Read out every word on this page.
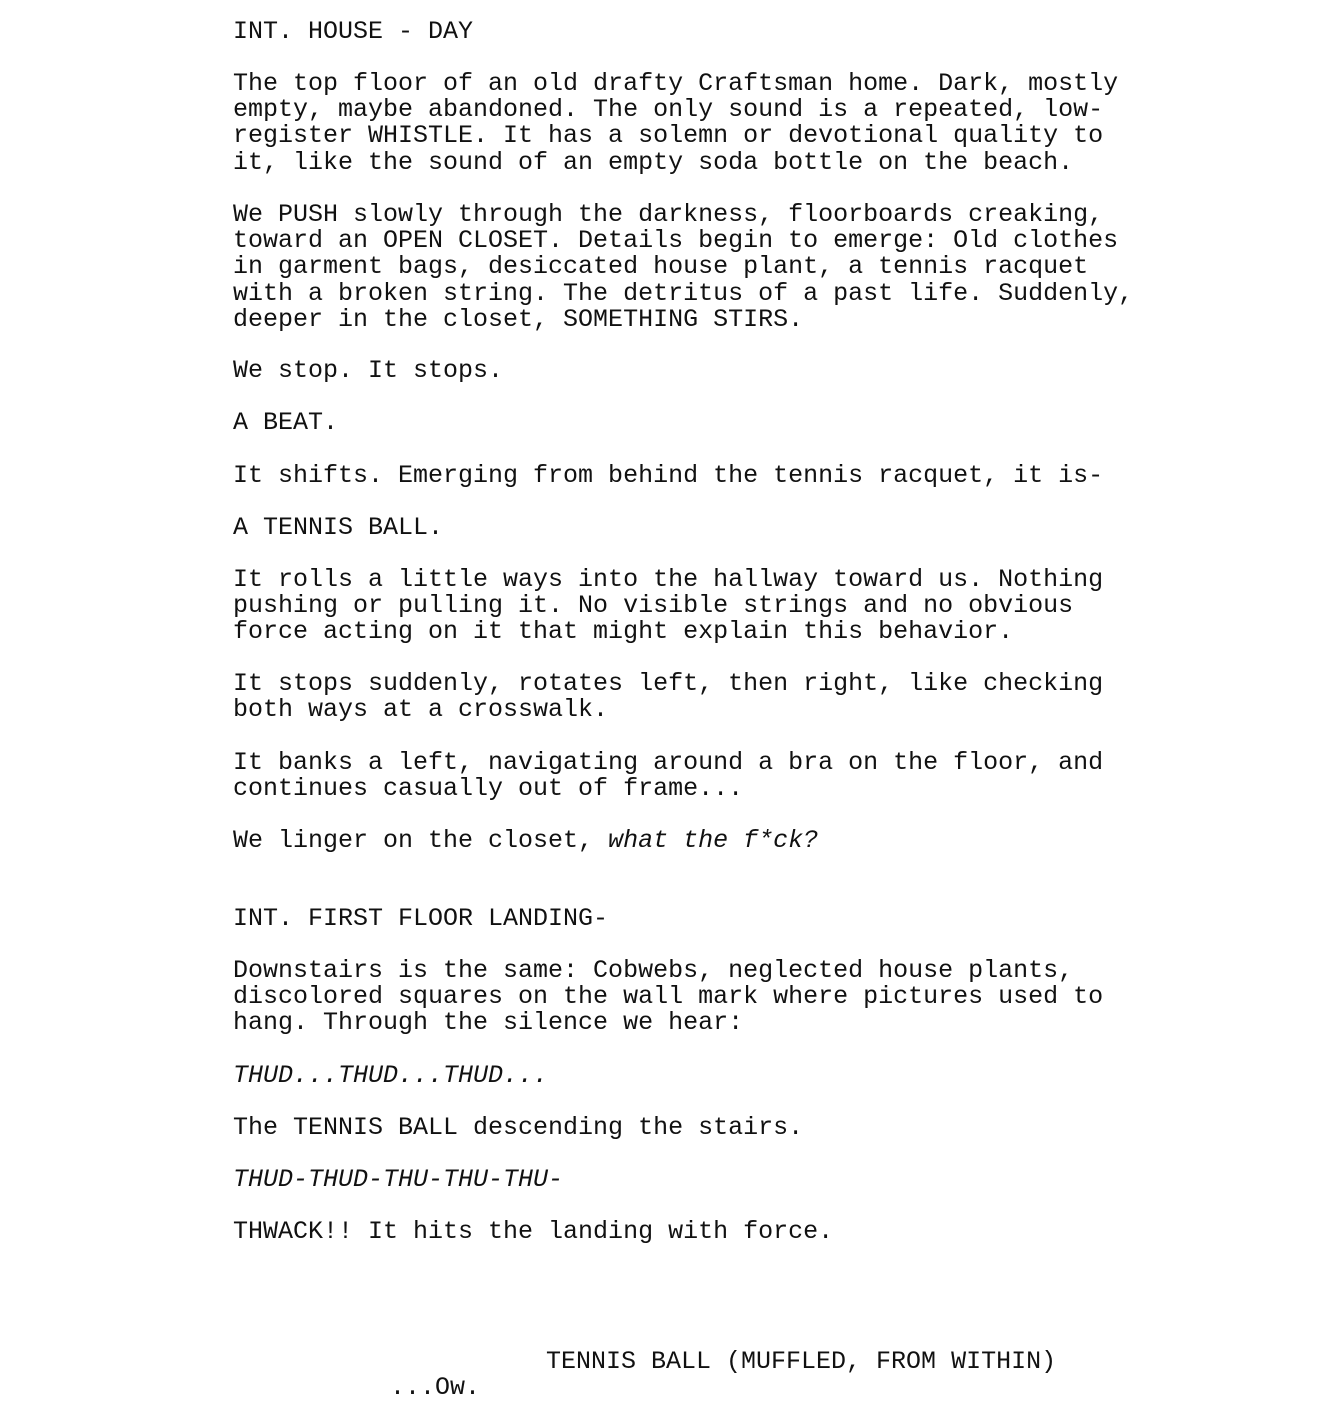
INT. HOUSE - DAY

The top floor of an old drafty Craftsman home. Dark, mostly
empty, maybe abandoned. The only sound is a repeated, low-
register WHISTLE. It has a solemn or devotional quality to
it, like the sound of an empty soda bottle on the beach.

We PUSH slowly through the darkness, floorboards creaking,
toward an OPEN CLOSET. Details begin to emerge: Old clothes
in garment bags, desiccated house plant, a tennis racquet
with a broken string. The detritus of a past life. Suddenly,
deeper in the closet, SOMETHING STIRS.

We stop. It stops.

A BEAT.

It shifts. Emerging from behind the tennis racquet, it is-

A TENNIS BALL.

It rolls a little ways into the hallway toward us. Nothing
pushing or pulling it. No visible strings and no obvious
force acting on it that might explain this behavior.

It stops suddenly, rotates left, then right, like checking
both ways at a crosswalk.

It banks a left, navigating around a bra on the floor, and
continues casually out of frame...

We linger on the closet, what the f*ck?

INT. FIRST FLOOR LANDING-

Downstairs is the same: Cobwebs, neglected house plants,
discolored squares on the wall mark where pictures used to
hang. Through the silence we hear:

THUD...THUD...THUD...

The TENNIS BALL descending the stairs.

THUD-THUD-THU-THU-THU-

THWACK!! It hits the landing with force.

TENNIS BALL (MUFFLED, FROM WITHIN)

...Ow.
